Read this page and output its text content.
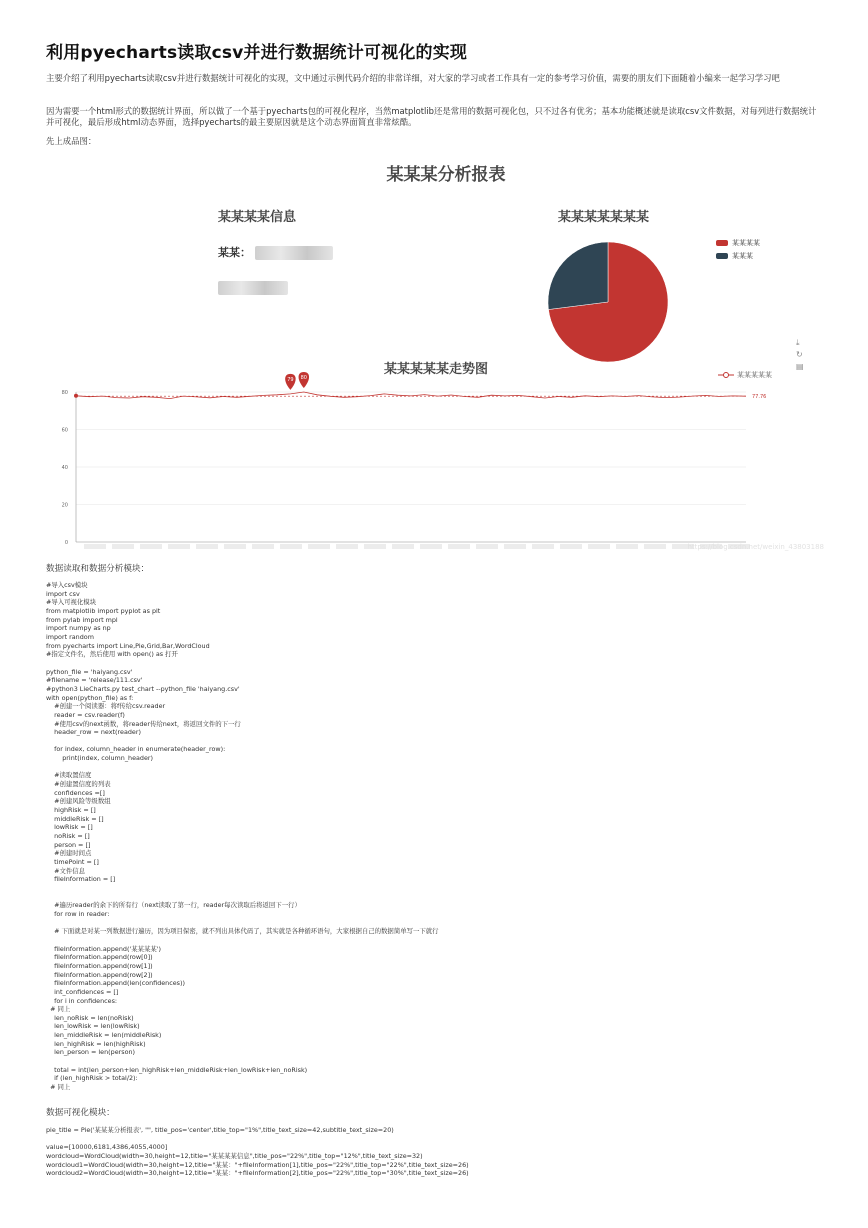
利用pyecharts读取csv并进行数据统计可视化的实现

主要介绍了利用pyecharts读取csv并进行数据统计可视化的实现，文中通过示例代码介绍的非常详细，对大家的学习或者工作具有一定的参考学习价值，需要的朋友们下面随着小编来一起学习学习吧

因为需要一个html形式的数据统计界面，所以做了一个基于pyecharts包的可视化程序，当然matplotlib还是常用的数据可视化包，只不过各有优劣；基本功能概述就是读取csv文件数据，对每列进行数据统计并可视化，最后形成html动态界面，选择pyecharts的最主要原因就是这个动态界面简直非常炫酷。

先上成品图：

某某某分析报表
某某某某信息
某某：
某某某某某某某
某某某某
某某某
⤓
↻
▤
某某某某某走势图	某某某某某
80
60
40
20
0
77.76
79 80
https://blog.csdn.net/weixin_43803188
数据读取和数据分析模块：
#导入csv模块
import csv
#导入可视化模块
from matplotlib import pyplot as plt
from pylab import mpl
import numpy as np
import random
from pyecharts import Line,Pie,Grid,Bar,WordCloud
#指定文件名，然后使用 with open() as 打开

python_file = 'haiyang.csv'
#filename = 'release/111.csv'
#python3 LieCharts.py test_chart --python_file 'haiyang.csv'
with open(python_file) as f:
#创建一个阅读器：将f传给csv.reader
reader = csv.reader(f)
#使用csv的next函数，将reader传给next，将返回文件的下一行
header_row = next(reader)

for index, column_header in enumerate(header_row):
print(index, column_header)

#读取置信度
#创建置信度的列表
confidences =[]
#创建风险等级数组
highRisk = []
middleRisk = []
lowRisk = []
noRisk = []
person = []
#创建时间点
timePoint = []
#文件信息
fileInformation = []

#遍历reader的余下的所有行（next读取了第一行，reader每次读取后将返回下一行）
for row in reader:

# 下面就是对某一列数据进行遍历，因为项目保密，就不列出具体代码了，其实就是各种循环语句，大家根据自己的数据简单写一下就行

fileInformation.append('某某某某')
fileInformation.append(row[0])
fileInformation.append(row[1])
fileInformation.append(row[2])
fileInformation.append(len(confidences))
int_confidences = []
for i in confidences:
# 同上
len_noRisk = len(noRisk)
len_lowRisk = len(lowRisk)
len_middleRisk = len(middleRisk)
len_highRisk = len(highRisk)
len_person = len(person)

total = int(len_person+len_highRisk+len_middleRisk+len_lowRisk+len_noRisk)
if (len_highRisk > total/2):
# 同上
数据可视化模块：
pie_title = Pie('某某某分析报表', "", title_pos='center',title_top="1%",title_text_size=42,subtitle_text_size=20)

value=[10000,6181,4386,4055,4000]
wordcloud=WordCloud(width=30,height=12,title="某某某某信息",title_pos="22%",title_top="12%",title_text_size=32)
wordcloud1=WordCloud(width=30,height=12,title="某某："+fileInformation[1],title_pos="22%",title_top="22%",title_text_size=26)
wordcloud2=WordCloud(width=30,height=12,title="某某："+fileInformation[2],title_pos="22%",title_top="30%",title_text_size=26)
